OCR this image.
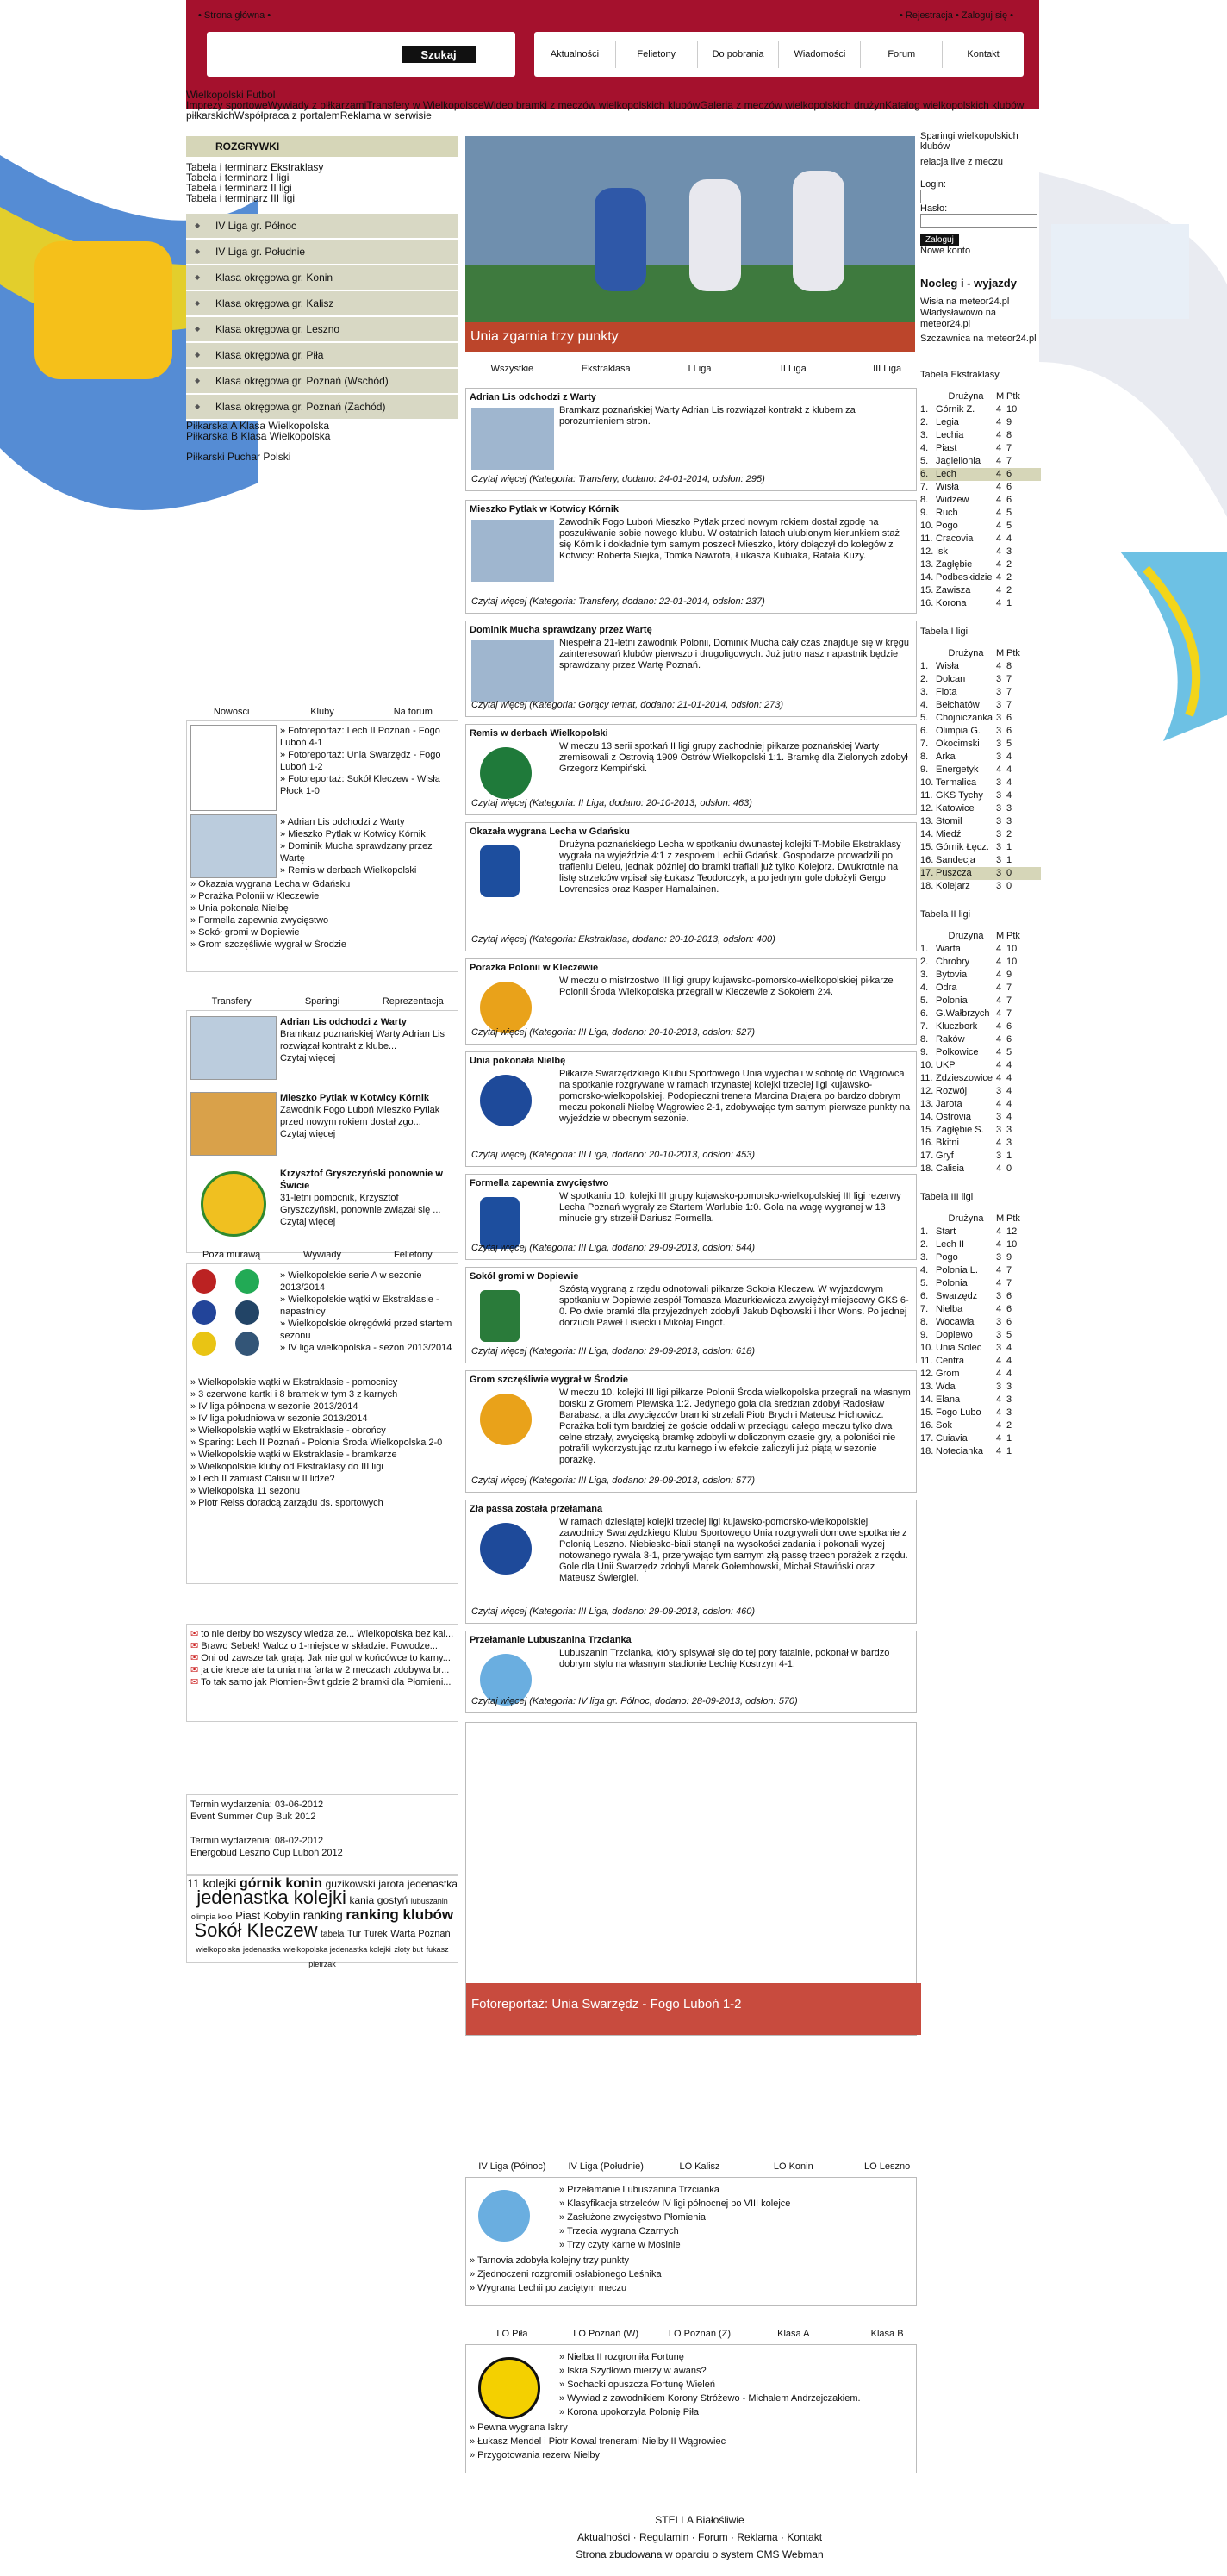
• Strona główna •	• Rejestracja • Zaloguj się •
Szukaj	Aktualności	Felietony	Do pobrania	Wiadomości	Forum	Kontakt
Wielkopolski Futbol
Imprezy sportoweWywiady z piłkarzamiTransfery w WielkopolsceWideo bramki z meczów wielkopolskich klubówGaleria z meczów wielkopolskich drużynKatalog wielkopolskich klubów piłkarskichWspółpraca z portalemReklama w serwisie
ROZGRYWKI
Tabela i terminarz Ekstraklasy
Tabela i terminarz I ligi
Tabela i terminarz II ligi
Tabela i terminarz III ligi
◆ IV Liga gr. Północ
◆ IV Liga gr. Południe
◆ Klasa okręgowa gr. Konin
◆ Klasa okręgowa gr. Kalisz
◆ Klasa okręgowa gr. Leszno
◆ Klasa okręgowa gr. Piła
◆ Klasa okręgowa gr. Poznań (Wschód)
◆ Klasa okręgowa gr. Poznań (Zachód)
Piłkarska A Klasa Wielkopolska
Piłkarska B Klasa Wielkopolska
Piłkarski Puchar Polski
Nowości	Kluby	Na forum
» Fotoreportaż: Lech II Poznań - Fogo Luboń 4-1
» Fotoreportaż: Unia Swarzędz - Fogo Luboń 1-2
» Fotoreportaż: Sokół Kleczew - Wisła Płock 1-0
» Adrian Lis odchodzi z Warty
» Mieszko Pytlak w Kotwicy Kórnik
» Dominik Mucha sprawdzany przez Wartę
» Remis w derbach Wielkopolski
» Okazała wygrana Lecha w Gdańsku
» Porażka Polonii w Kleczewie
» Unia pokonała Nielbę
» Formella zapewnia zwycięstwo
» Sokół gromi w Dopiewie
» Grom szczęśliwie wygrał w Środzie
Transfery	Sparingi	Reprezentacja
Adrian Lis odchodzi z Warty
Bramkarz poznańskiej Warty Adrian Lis rozwiązał kontrakt z klube...
Czytaj więcej
Mieszko Pytlak w Kotwicy Kórnik
Zawodnik Fogo Luboń Mieszko Pytlak przed nowym rokiem dostał zgo...
Czytaj więcej
Krzysztof Gryszczyński ponownie w Świcie
31-letni pomocnik, Krzysztof Gryszczyński, ponownie związał się ...
Czytaj więcej
Poza murawą	Wywiady	Felietony
» Wielkopolskie serie A w sezonie 2013/2014
» Wielkopolskie wątki w Ekstraklasie - napastnicy
» Wielkopolskie okręgówki przed startem sezonu
» IV liga wielkopolska - sezon 2013/2014
» Wielkopolskie wątki w Ekstraklasie - pomocnicy
» 3 czerwone kartki i 8 bramek w tym 3 z karnych
» IV liga północna w sezonie 2013/2014
» IV liga południowa w sezonie 2013/2014
» Wielkopolskie wątki w Ekstraklasie - obrońcy
» Sparing: Lech II Poznań - Polonia Środa Wielkopolska 2-0
» Wielkopolskie wątki w Ekstraklasie - bramkarze
» Wielkopolskie kluby od Ekstraklasy do III ligi
» Lech II zamiast Calisii w II lidze?
» Wielkopolska 11 sezonu
» Piotr Reiss doradcą zarządu ds. sportowych
✉ to nie derby bo wszyscy wiedza ze... Wielkopolska bez kal...
✉ Brawo Sebek! Walcz o 1-miejsce w składzie. Powodze...
✉ Oni od zawsze tak grają. Jak nie gol w końcówce to karny...
✉ ja cie krece ale ta unia ma farta w 2 meczach zdobywa br...
✉ To tak samo jak Płomien-Świt gdzie 2 bramki dla Płomieni...
Termin wydarzenia: 03-06-2012
Event Summer Cup Buk 2012
Termin wydarzenia: 08-02-2012
Energobud Leszno Cup Luboń 2012
11 kolejki górnik konin guzikowski jarota jedenastka jedenastka kolejki kania gostyń lubuszanin olimpia koło Piast Kobylin ranking ranking klubów Sokół Kleczew tabela Tur Turek Warta Poznań wielkopolska jedenastka wielkopolska jedenastka kolejki złoty but fukasz pietrzak
Unia zgarnia trzy punkty
Wszystkie	Ekstraklasa	I Liga	II Liga	III Liga
Adrian Lis odchodzi z Warty
Bramkarz poznańskiej Warty Adrian Lis rozwiązał kontrakt z klubem za porozumieniem stron.
Czytaj więcej (Kategoria: Transfery, dodano: 24-01-2014, odsłon: 295)
Mieszko Pytlak w Kotwicy Kórnik
Zawodnik Fogo Luboń Mieszko Pytlak przed nowym rokiem dostał zgodę na poszukiwanie sobie nowego klubu. W ostatnich latach ulubionym kierunkiem staż się Kórnik i dokładnie tym samym poszedł Mieszko, który dołączył do kolegów z Kotwicy: Roberta Siejka, Tomka Nawrota, Łukasza Kubiaka, Rafała Kuzy.
Czytaj więcej (Kategoria: Transfery, dodano: 22-01-2014, odsłon: 237)
Dominik Mucha sprawdzany przez Wartę
Niespełna 21-letni zawodnik Polonii, Dominik Mucha cały czas znajduje się w kręgu zainteresowań klubów pierwszo i drugoligowych. Już jutro nasz napastnik będzie sprawdzany przez Wartę Poznań.
Czytaj więcej (Kategoria: Gorący temat, dodano: 21-01-2014, odsłon: 273)
Remis w derbach Wielkopolski
W meczu 13 serii spotkań II ligi grupy zachodniej piłkarze poznańskiej Warty zremisowali z Ostrovią 1909 Ostrów Wielkopolski 1:1. Bramkę dla Zielonych zdobył Grzegorz Kempiński.
Czytaj więcej (Kategoria: II Liga, dodano: 20-10-2013, odsłon: 463)
Okazała wygrana Lecha w Gdańsku
Drużyna poznańskiego Lecha w spotkaniu dwunastej kolejki T-Mobile Ekstraklasy wygrała na wyjeździe 4:1 z zespołem Lechii Gdańsk. Gospodarze prowadzili po trafieniu Deleu, jednak później do bramki trafiali już tylko Kolejorz. Dwukrotnie na listę strzelców wpisał się Łukasz Teodorczyk, a po jednym gole dołożyli Gergo Lovrencsics oraz Kasper Hamalainen.
Czytaj więcej (Kategoria: Ekstraklasa, dodano: 20-10-2013, odsłon: 400)
Porażka Polonii w Kleczewie
W meczu o mistrzostwo III ligi grupy kujawsko-pomorsko-wielkopolskiej piłkarze Polonii Środa Wielkopolska przegrali w Kleczewie z Sokołem 2:4.
Czytaj więcej (Kategoria: III Liga, dodano: 20-10-2013, odsłon: 527)
Unia pokonała Nielbę
Piłkarze Swarzędzkiego Klubu Sportowego Unia wyjechali w sobotę do Wągrowca na spotkanie rozgrywane w ramach trzynastej kolejki trzeciej ligi kujawsko-pomorsko-wielkopolskiej. Podopieczni trenera Marcina Drajera po bardzo dobrym meczu pokonali Nielbę Wągrowiec 2-1, zdobywając tym samym pierwsze punkty na wyjeździe w obecnym sezonie.
Czytaj więcej (Kategoria: III Liga, dodano: 20-10-2013, odsłon: 453)
Formella zapewnia zwycięstwo
W spotkaniu 10. kolejki III grupy kujawsko-pomorsko-wielkopolskiej III ligi rezerwy Lecha Poznań wygrały ze Startem Warlubie 1:0. Gola na wagę wygranej w 13 minucie gry strzelił Dariusz Formella.
Czytaj więcej (Kategoria: III Liga, dodano: 29-09-2013, odsłon: 544)
Sokół gromi w Dopiewie
Szóstą wygraną z rzędu odnotowali piłkarze Sokoła Kleczew. W wyjazdowym spotkaniu w Dopiewie zespół Tomasza Mazurkiewicza zwyciężył miejscowy GKS 6-0. Po dwie bramki dla przyjezdnych zdobyli Jakub Dębowski i Ihor Wons. Po jednej dorzucili Paweł Lisiecki i Mikołaj Pingot.
Czytaj więcej (Kategoria: III Liga, dodano: 29-09-2013, odsłon: 618)
Grom szczęśliwie wygrał w Środzie
W meczu 10. kolejki III ligi piłkarze Polonii Środa wielkopolska przegrali na własnym boisku z Gromem Plewiska 1:2. Jedynego gola dla średzian zdobył Radosław Barabasz, a dla zwycięzców bramki strzelali Piotr Brych i Mateusz Hichowicz. Porażka boli tym bardziej że goście oddali w przeciągu całego meczu tylko dwa celne strzały, zwycięską bramkę zdobyli w doliczonym czasie gry, a poloniści nie potrafili wykorzystując rzutu karnego i w efekcie zaliczyli już piątą w sezonie porażkę.
Czytaj więcej (Kategoria: III Liga, dodano: 29-09-2013, odsłon: 577)
Zła passa została przełamana
W ramach dziesiątej kolejki trzeciej ligi kujawsko-pomorsko-wielkopolskiej zawodnicy Swarzędzkiego Klubu Sportowego Unia rozgrywali domowe spotkanie z Polonią Leszno. Niebiesko-biali stanęli na wysokości zadania i pokonali wyżej notowanego rywala 3-1, przerywając tym samym złą passę trzech porażek z rzędu. Gole dla Unii Swarzędz zdobyli Marek Gołembowski, Michał Stawiński oraz Mateusz Świergiel.
Czytaj więcej (Kategoria: III Liga, dodano: 29-09-2013, odsłon: 460)
Przełamanie Lubuszanina Trzcianka
Lubuszanin Trzcianka, który spisywał się do tej pory fatalnie, pokonał w bardzo dobrym stylu na własnym stadionie Lechię Kostrzyn 4-1.
Czytaj więcej (Kategoria: IV liga gr. Północ, dodano: 28-09-2013, odsłon: 570)
Fotoreportaż: Unia Swarzędz - Fogo Luboń 1-2
IV Liga (Północ)	IV Liga (Południe)	LO Kalisz	LO Konin	LO Leszno
» Przełamanie Lubuszanina Trzcianka
» Klasyfikacja strzelców IV ligi północnej po VIII kolejce
» Zasłużone zwycięstwo Płomienia
» Trzecia wygrana Czarnych
» Trzy czyty karne w Mosinie
» Tarnovia zdobyła kolejny trzy punkty
» Zjednoczeni rozgromili osłabionego Leśnika
» Wygrana Lechii po zaciętym meczu
LO Piła	LO Poznań (W)	LO Poznań (Z)	Klasa A	Klasa B
» Nielba II rozgromiła Fortunę
» Iskra Szydłowo mierzy w awans?
» Sochacki opuszcza Fortunę Wieleń
» Wywiad z zawodnikiem Korony Stróżewo - Michałem Andrzejczakiem.
» Korona upokorzyła Polonię Piła
» Pewna wygrana Iskry
» Łukasz Mendel i Piotr Kowal trenerami Nielby II Wągrowiec
» Przygotowania rezerw Nielby
Sparingi wielkopolskich klubów
relacja live z meczu
Login:
Hasło:
Zaloguj
Nowe konto
Nocleg i - wyjazdy
Wisła na meteor24.pl
Władysławowo na meteor24.pl
Szczawnica na meteor24.pl
Tabela Ekstraklasy
Drużyna	M Ptk
1. Górnik Z.	4 10
2. Legia	4 9
3. Lechia	4 8
4. Piast	4 7
5. Jagiellonia	4 7
6. Lech	4 6
7. Wisła	4 6
8. Widzew	4 6
9. Ruch	4 5
10. Pogo	4 5
11. Cracovia	4 4
12. Isk	4 3
13. Zagłębie	4 2
14. Podbeskidzie 4 2
15. Zawisza	4 2
16. Korona	4 1
Tabela I ligi
Drużyna	M Ptk
1. Wisła	4 8
2. Dolcan	3 7
3. Flota	3 7
4. Bełchatów	3 7
5. Chojniczanka 3 6
6. Olimpia G.	3 6
7. Okocimski	3 5
8. Arka	3 4
9. Energetyk	4 4
10. Termalica	3 4
11. GKS Tychy	3 4
12. Katowice	3 3
13. Stomil	3 3
14. Miedź	3 2
15. Górnik Łęcz. 3 1
16. Sandecja	3 1
17. Puszcza	3 0
18. Kolejarz	3 0
Tabela II ligi
Drużyna	M Ptk
1. Warta	4 10
2. Chrobry	4 10
3. Bytovia	4 9
4. Odra	4 7
5. Polonia	4 7
6. G.Wałbrzych 4 7
7. Kluczbork	4 6
8. Raków	4 6
9. Polkowice	4 5
10. UKP	4 4
11. Zdzieszowice 4 4
12. Rozwój	3 4
13. Jarota	4 4
14. Ostrovia	3 4
15. Zagłębie S.	3 3
16. Bkitni	4 3
17. Gryf	3 1
18. Calisia	4 0
Tabela III ligi
Drużyna	M Ptk
1. Start	4 12
2. Lech II	4 10
3. Pogo	3 9
4. Polonia L.	4 7
5. Polonia	4 7
6. Swarzędz	3 6
7. Nielba	4 6
8. Wocawia	3 6
9. Dopiewo	3 5
10. Unia Solec	3 4
11. Centra	4 4
12. Grom	4 4
13. Wda	3 3
14. Elana	4 3
15. Fogo Lubo	4 3
16. Sok	4 2
17. Cuiavia	4 1
18. Notecianka	4 1
STELLA Białośliwie
Aktualności · Regulamin · Forum · Reklama · Kontakt
Strona zbudowana w oparciu o system CMS Webman
